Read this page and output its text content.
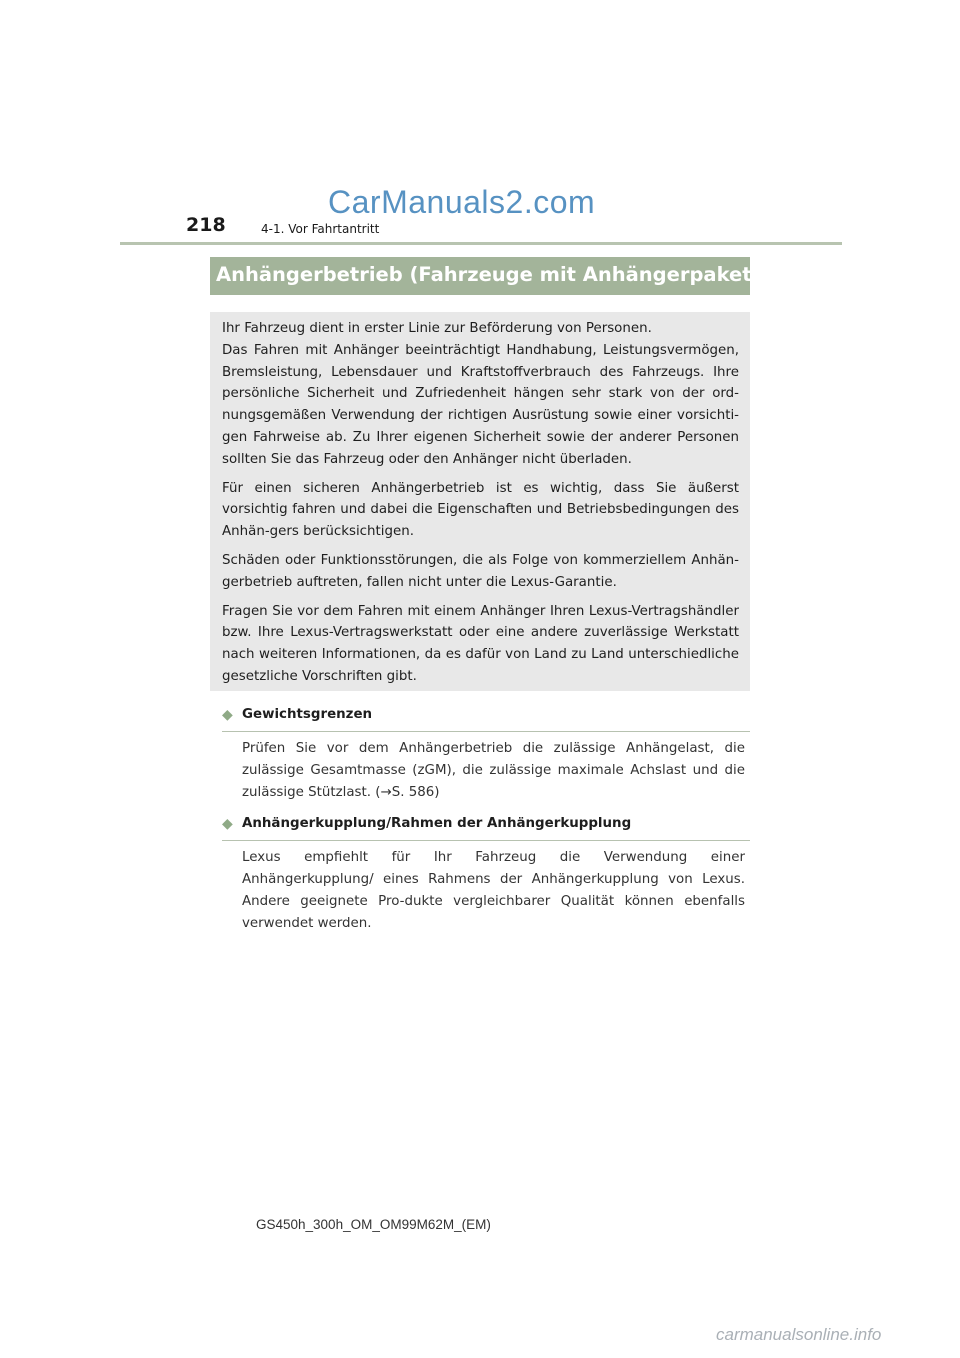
218	4-1. Vor Fahrtantritt
CarManuals2.com
Anhängerbetrieb (Fahrzeuge mit Anhängerpaket)

Ihr Fahrzeug dient in erster Linie zur Beförderung von Personen.
Das Fahren mit Anhänger beeinträchtigt Handhabung, Leistungsvermögen, Bremsleistung, Lebensdauer und Kraftstoffverbrauch des Fahrzeugs. Ihre persönliche Sicherheit und Zufriedenheit hängen sehr stark von der ord-nungsgemäßen Verwendung der richtigen Ausrüstung sowie einer vorsichti-gen Fahrweise ab. Zu Ihrer eigenen Sicherheit sowie der anderer Personen sollten Sie das Fahrzeug oder den Anhänger nicht überladen.

Für einen sicheren Anhängerbetrieb ist es wichtig, dass Sie äußerst vorsichtig fahren und dabei die Eigenschaften und Betriebsbedingungen des Anhän-gers berücksichtigen.

Schäden oder Funktionsstörungen, die als Folge von kommerziellem Anhän-gerbetrieb auftreten, fallen nicht unter die Lexus-Garantie.

Fragen Sie vor dem Fahren mit einem Anhänger Ihren Lexus-Vertragshändler bzw. Ihre Lexus-Vertragswerkstatt oder eine andere zuverlässige Werkstatt nach weiteren Informationen, da es dafür von Land zu Land unterschiedliche gesetzliche Vorschriften gibt.

◆ Gewichtsgrenzen
Prüfen Sie vor dem Anhängerbetrieb die zulässige Anhängelast, die zulässige Gesamtmasse (zGM), die zulässige maximale Achslast und die zulässige Stützlast. (→S. 586)
◆ Anhängerkupplung/Rahmen der Anhängerkupplung
Lexus empfiehlt für Ihr Fahrzeug die Verwendung einer Anhängerkupplung/ eines Rahmens der Anhängerkupplung von Lexus. Andere geeignete Pro-dukte vergleichbarer Qualität können ebenfalls verwendet werden.
GS450h_300h_OM_OM99M62M_(EM)
carmanualsonline.info
